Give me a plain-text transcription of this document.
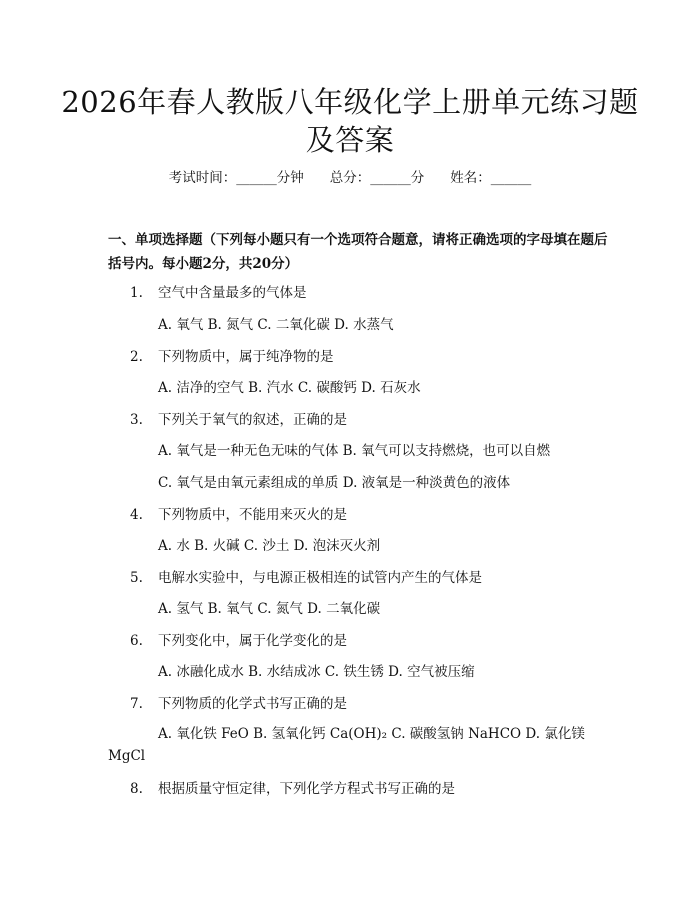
2026年春人教版八年级化学上册单元练习题及答案
考试时间：______分钟 总分：______分 姓名：______
一、单项选择题（下列每小题只有一个选项符合题意，请将正确选项的字母填在题后括号内。每小题2分，共20分）
1. 空气中含量最多的气体是
A. 氧气 B. 氮气 C. 二氧化碳 D. 水蒸气
2. 下列物质中，属于纯净物的是
A. 洁净的空气 B. 汽水 C. 碳酸钙 D. 石灰水
3. 下列关于氧气的叙述，正确的是
A. 氧气是一种无色无味的气体 B. 氧气可以支持燃烧，也可以自燃
C. 氧气是由氧元素组成的单质 D. 液氧是一种淡黄色的液体
4. 下列物质中，不能用来灭火的是
A. 水 B. 火碱 C. 沙土 D. 泡沫灭火剂
5. 电解水实验中，与电源正极相连的试管内产生的气体是
A. 氢气 B. 氧气 C. 氮气 D. 二氧化碳
6. 下列变化中，属于化学变化的是
A. 冰融化成水 B. 水结成冰 C. 铁生锈 D. 空气被压缩
7. 下列物质的化学式书写正确的是
A. 氧化铁 FeO B. 氢氧化钙 Ca(OH)₂ C. 碳酸氢钠 NaHCO D. 氯化镁 MgCl
8. 根据质量守恒定律，下列化学方程式书写正确的是
